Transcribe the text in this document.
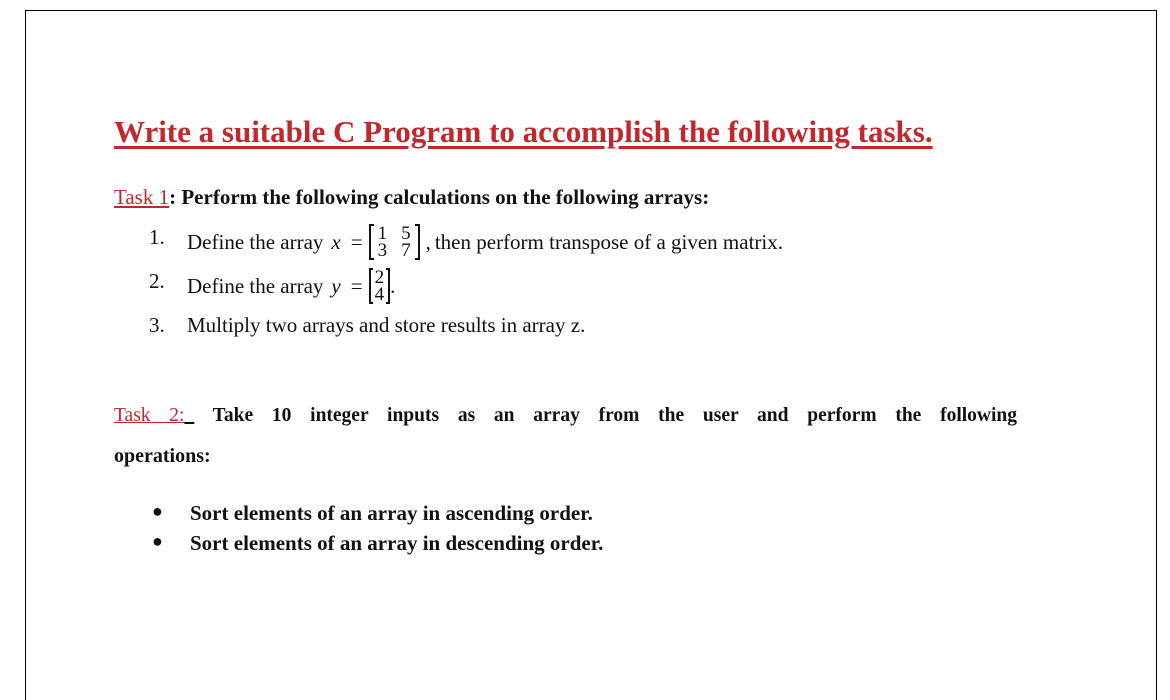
Write a suitable C Program to accomplish the following tasks.
Task 1: Perform the following calculations on the following arrays:
1. Define the array x = 1 5
3 7 , then perform transpose of a given matrix.
2. Define the array y = 2
4 .
3. Multiply two arrays and store results in array z.
Task 2:_ Take 10 integer inputs as an array from the user and perform the following
operations:
● Sort elements of an array in ascending order.
● Sort elements of an array in descending order.
